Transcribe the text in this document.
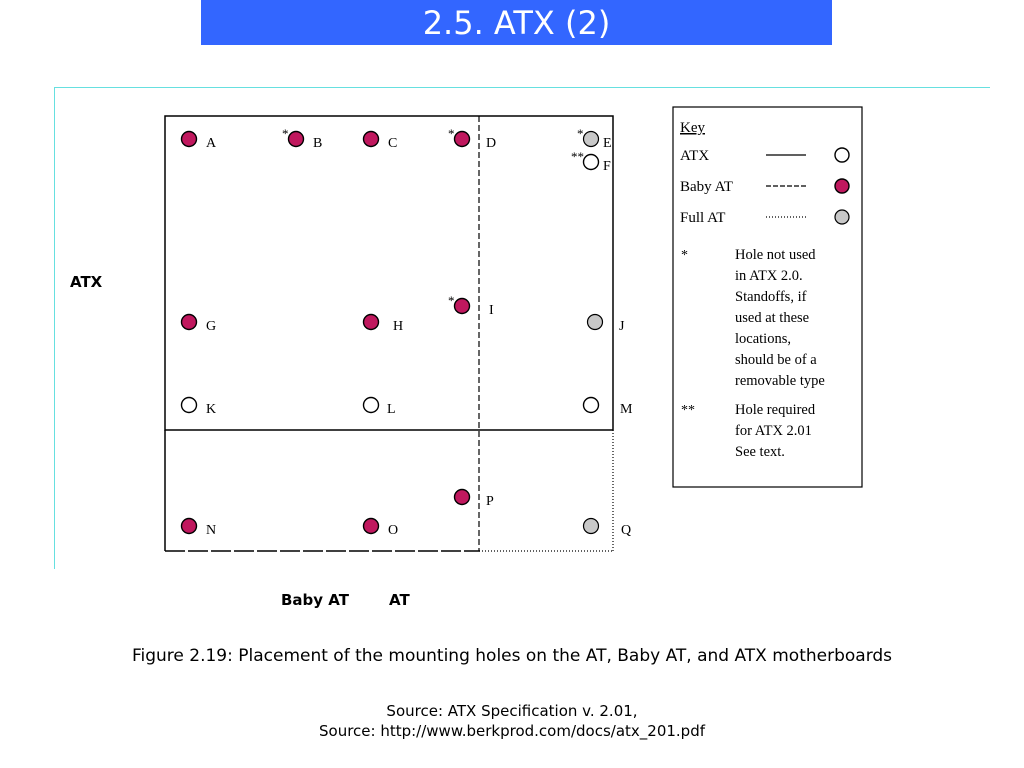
2.5. ATX (2)
ATX
Baby AT	AT
A
*
B	C
*
D
*
E
**
F
G	H
*
I
J
K	L	M
N	O
P
Q
Key
ATX
Baby AT
Full AT
*	Hole not used
in ATX 2.0.
Standoffs, if
used at these
locations,
should be of a
removable type
**	Hole required
for ATX 2.01
See text.
Figure 2.19: Placement of the mounting holes on the AT, Baby AT, and ATX motherboards
Source: ATX Specification v. 2.01,
Source: http://www.berkprod.com/docs/atx_201.pdf
